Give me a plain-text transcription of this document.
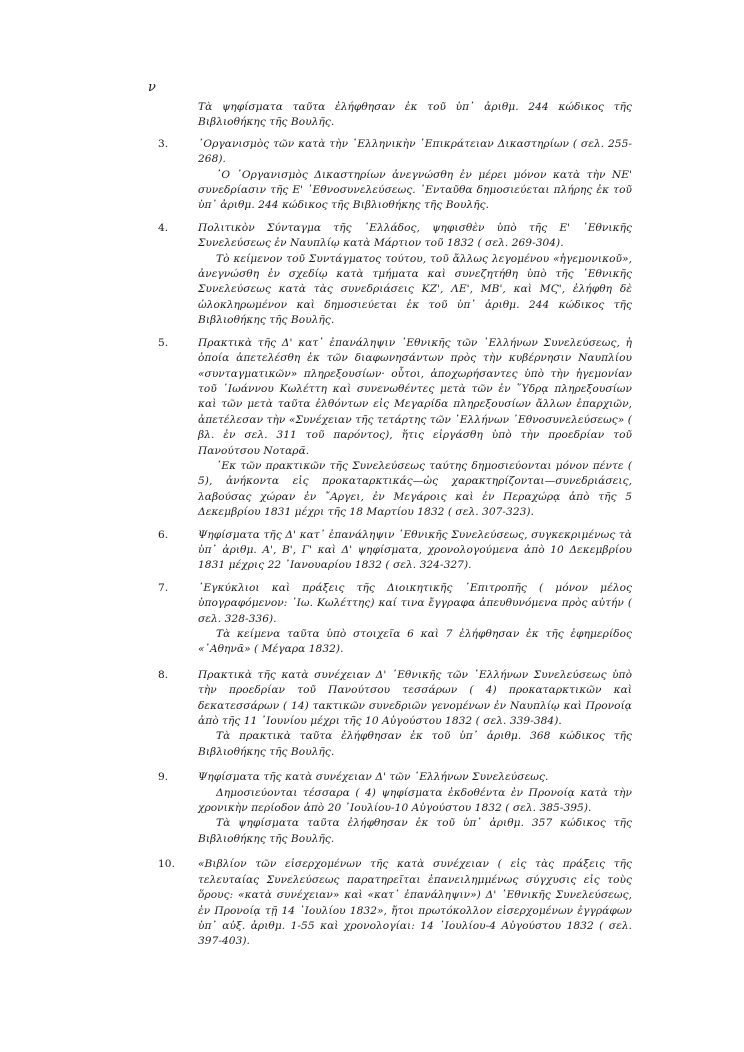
ν

Τὰ ψηφίσματα ταῦτα ἐλήφθησαν ἐκ τοῦ ὑπ᾿ ἀριθμ. 244 κώδικος τῆς Βιβλιοθήκης τῆς Βουλῆς.

3.	᾿Οργανισμὸς τῶν κατὰ τὴν ῾Ελληνικὴν ᾿Επικράτειαν Δικαστηρίων ( σελ. 255-268).

᾿Ο ᾿Οργανισμὸς Δικαστηρίων ἀνεγνώσθη ἐν μέρει μόνον κατὰ τὴν ΝΕ' συνεδρίασιν τῆς Ε' ᾿Εθνοσυνελεύσεως. ᾿Ενταῦθα δημοσιεύεται πλήρης ἐκ τοῦ ὑπ᾿ ἀριθμ. 244 κώδικος τῆς Βιβλιοθήκης τῆς Βουλῆς.

4.	Πολιτικὸν Σύνταγμα τῆς ῾Ελλάδος, ψηφισθὲν ὑπὸ τῆς Ε' ᾿Εθνικῆς Συνελεύσεως ἐν Ναυπλίῳ κατὰ Μάρτιον τοῦ 1832 ( σελ. 269-304).

Τὸ κείμενον τοῦ Συντάγματος τούτου, τοῦ ἄλλως λεγομένου «ἡγεμονικοῦ», ἀνεγνώσθη ἐν σχεδίῳ κατὰ τμήματα καὶ συνεζητήθη ὑπὸ τῆς ᾿Εθνικῆς Συνελεύσεως κατὰ τὰς συνεδριάσεις ΚΖ', ΛΕ', ΜΒ', καὶ ΜϚ', ἐλήφθη δὲ ὡλοκληρωμένον καὶ δημοσιεύεται ἐκ τοῦ ὑπ᾿ ἀριθμ. 244 κώδικος τῆς Βιβλιοθήκης τῆς Βουλῆς.

5.	Πρακτικὰ τῆς Δ' κατ᾿ ἐπανάληψιν ᾿Εθνικῆς τῶν ῾Ελλήνων Συνελεύσεως, ἡ ὁποία ἀπετελέσθη ἐκ τῶν διαφωνησάντων πρὸς τὴν κυβέρνησιν Ναυπλίου «συνταγματικῶν» πληρεξουσίων· οὗτοι, ἀποχωρήσαντες ὑπὸ τὴν ἡγεμονίαν τοῦ ᾿Ιωάννου Κωλέττη καὶ συνενωθέντες μετὰ τῶν ἐν ῞Υδρᾳ πληρεξουσίων καὶ τῶν μετὰ ταῦτα ἐλθόντων εἰς Μεγαρίδα πληρεξουσίων ἄλλων ἐπαρχιῶν, ἀπετέλεσαν τὴν «Συνέχειαν τῆς τετάρτης τῶν ῾Ελλήνων ᾿Εθνοσυνελεύσεως» ( βλ. ἐν σελ. 311 τοῦ παρόντος), ἥτις εἰργάσθη ὑπὸ τὴν προεδρίαν τοῦ Πανούτσου Νοταρᾶ.

᾿Εκ τῶν πρακτικῶν τῆς Συνελεύσεως ταύτης δημοσιεύονται μόνον πέντε ( 5), ἀνήκοντα εἰς προκαταρκτικάς—ὡς χαρακτηρίζονται—συνεδριάσεις, λαβούσας χώραν ἐν ῎Αργει, ἐν Μεγάροις καὶ ἐν Περαχώρᾳ ἀπὸ τῆς 5 Δεκεμβρίου 1831 μέχρι τῆς 18 Μαρτίου 1832 ( σελ. 307-323).

6.	Ψηφίσματα τῆς Δ' κατ᾿ ἐπανάληψιν ᾿Εθνικῆς Συνελεύσεως, συγκεκριμένως τὰ ὑπ᾿ ἀριθμ. Α', Β', Γ' καὶ Δ' ψηφίσματα, χρονολογούμενα ἀπὸ 10 Δεκεμβρίου 1831 μέχρις 22 ᾿Ιανουαρίου 1832 ( σελ. 324-327).

7.	᾿Εγκύκλιοι καὶ πράξεις τῆς Διοικητικῆς ᾿Επιτροπῆς ( μόνον μέλος ὑπογραφόμενον: ᾿Ιω. Κωλέττης) καί τινα ἔγγραφα ἀπευθυνόμενα πρὸς αὐτήν ( σελ. 328-336).

Τὰ κείμενα ταῦτα ὑπὸ στοιχεῖα 6 καὶ 7 ἐλήφθησαν ἐκ τῆς ἐφημερίδος «᾿Αθηνᾶ» ( Μέγαρα 1832).

8.	Πρακτικὰ τῆς κατὰ συνέχειαν Δ' ᾿Εθνικῆς τῶν ῾Ελλήνων Συνελεύσεως ὑπὸ τὴν προεδρίαν τοῦ Πανούτσου τεσσάρων ( 4) προκαταρκτικῶν καὶ δεκατεσσάρων ( 14) τακτικῶν συνεδριῶν γενομένων ἐν Ναυπλίῳ καὶ Προνοίᾳ ἀπὸ τῆς 11 ᾿Ιουνίου μέχρι τῆς 10 Αὐγούστου 1832 ( σελ. 339-384).

Τὰ πρακτικὰ ταῦτα ἐλήφθησαν ἐκ τοῦ ὑπ᾿ ἀριθμ. 368 κώδικος τῆς Βιβλιοθήκης τῆς Βουλῆς.

9.	Ψηφίσματα τῆς κατὰ συνέχειαν Δ' τῶν ῾Ελλήνων Συνελεύσεως.

Δημοσιεύονται τέσσαρα ( 4) ψηφίσματα ἐκδοθέντα ἐν Προνοίᾳ κατὰ τὴν χρονικὴν περίοδον ἀπὸ 20 ᾿Ιουλίου-10 Αὐγούστου 1832 ( σελ. 385-395).

Τὰ ψηφίσματα ταῦτα ἐλήφθησαν ἐκ τοῦ ὑπ᾿ ἀριθμ. 357 κώδικος τῆς Βιβλιοθήκης τῆς Βουλῆς.

10. «Βιβλίον τῶν εἰσερχομένων τῆς κατὰ συνέχειαν ( εἰς τὰς πράξεις τῆς τελευταίας Συνελεύσεως παρατηρεῖται ἐπανειλημμένως σύγχυσις εἰς τοὺς ὅρους: «κατὰ συνέχειαν» καὶ «κατ᾿ ἐπανάληψιν») Δ' ᾿Εθνικῆς Συνελεύσεως, ἐν Προνοίᾳ τῇ 14 ᾿Ιουλίου 1832», ἤτοι πρωτόκολλον εἰσερχομένων ἐγγράφων ὑπ᾿ αὐξ. ἀριθμ. 1-55 καὶ χρονολογίαι: 14 ᾿Ιουλίου-4 Αὐγούστου 1832 ( σελ. 397-403).
